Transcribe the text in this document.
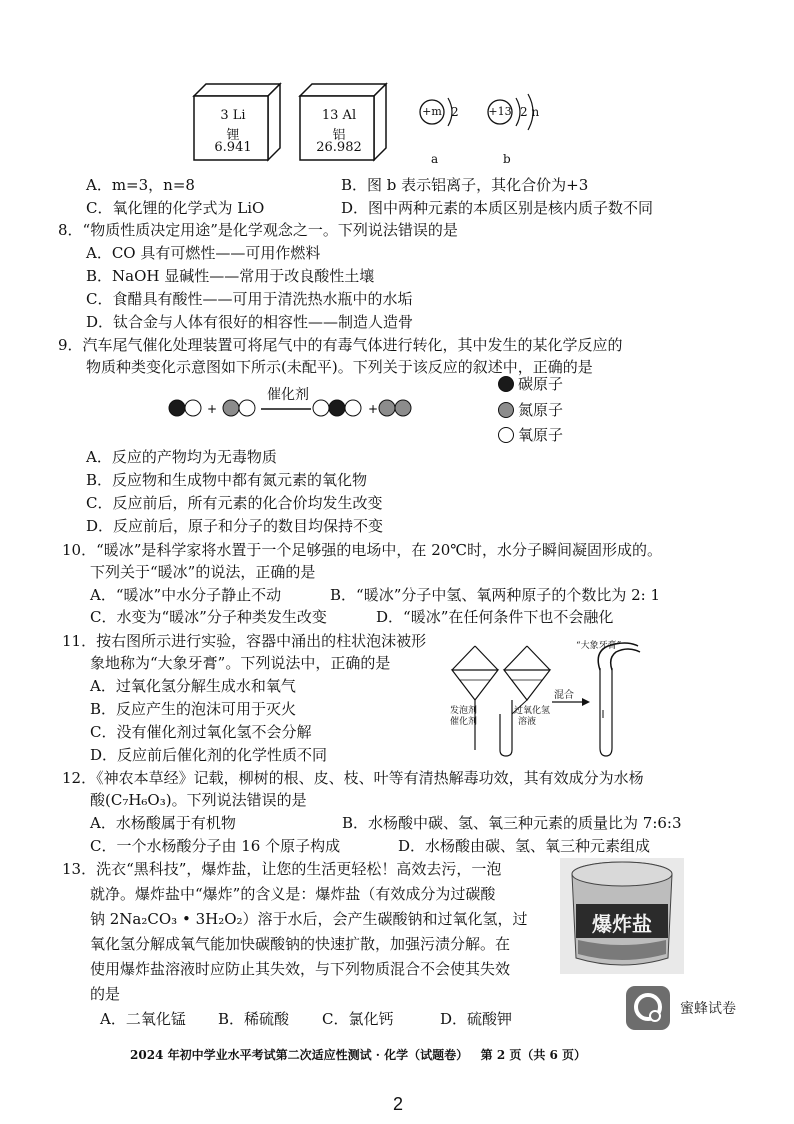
3 Li
锂
6.941
13 Al
铝
26.982
+m 2
a
+13 2 n
b
A．m=3，n=8	B．图 b 表示铝离子，其化合价为+3
C．氧化锂的化学式为 LiO	D．图中两种元素的本质区别是核内质子数不同
8．“物质性质决定用途”是化学观念之一。下列说法错误的是
A．CO 具有可燃性——可用作燃料
B．NaOH 显碱性——常用于改良酸性土壤
C．食醋具有酸性——可用于清洗热水瓶中的水垢
D．钛合金与人体有很好的相容性——制造人造骨
9．汽车尾气催化处理装置可将尾气中的有毒气体进行转化，其中发生的某化学反应的
物质种类变化示意图如下所示(未配平)。下列关于该反应的叙述中，正确的是
+	+
催化剂
碳原子
氮原子
氧原子
A．反应的产物均为无毒物质
B．反应物和生成物中都有氮元素的氧化物
C．反应前后，所有元素的化合价均发生改变
D．反应前后，原子和分子的数目均保持不变
10．“暖冰”是科学家将水置于一个足够强的电场中，在 20℃时，水分子瞬间凝固形成的。
下列关于“暖冰”的说法，正确的是
A．“暖冰”中水分子静止不动	B．“暖冰”分子中氢、氧两种原子的个数比为 2: 1
C．水变为“暖冰”分子种类发生改变	D．“暖冰”在任何条件下也不会融化
11．按右图所示进行实验，容器中涌出的柱状泡沫被形
象地称为“大象牙膏”。下列说法中，正确的是
A．过氧化氢分解生成水和氧气
B．反应产生的泡沫可用于灭火
C．没有催化剂过氧化氢不会分解
D．反应前后催化剂的化学性质不同
发泡剂
催化剂
过氧化氢
溶液
混合
“大象牙膏”
12．《神农本草经》记载，柳树的根、皮、枝、叶等有清热解毒功效，其有效成分为水杨
酸(C₇H₆O₃)。下列说法错误的是
A．水杨酸属于有机物	B．水杨酸中碳、氢、氧三种元素的质量比为 7:6:3
C．一个水杨酸分子由 16 个原子构成	D．水杨酸由碳、氢、氧三种元素组成
13．洗衣“黑科技”，爆炸盐，让您的生活更轻松！高效去污，一泡
就净。爆炸盐中“爆炸”的含义是：爆炸盐（有效成分为过碳酸
钠 2Na₂CO₃ • 3H₂O₂）溶于水后，会产生碳酸钠和过氧化氢，过
氧化氢分解成氧气能加快碳酸钠的快速扩散，加强污渍分解。在
使用爆炸盐溶液时应防止其失效，与下列物质混合不会使其失效
的是
A．二氧化锰 B．稀硫酸 C．氯化钙	D．硫酸钾
爆炸盐
蜜蜂试卷
2024 年初中学业水平考试第二次适应性测试 · 化学（试题卷）   第 2 页（共 6 页）
2
